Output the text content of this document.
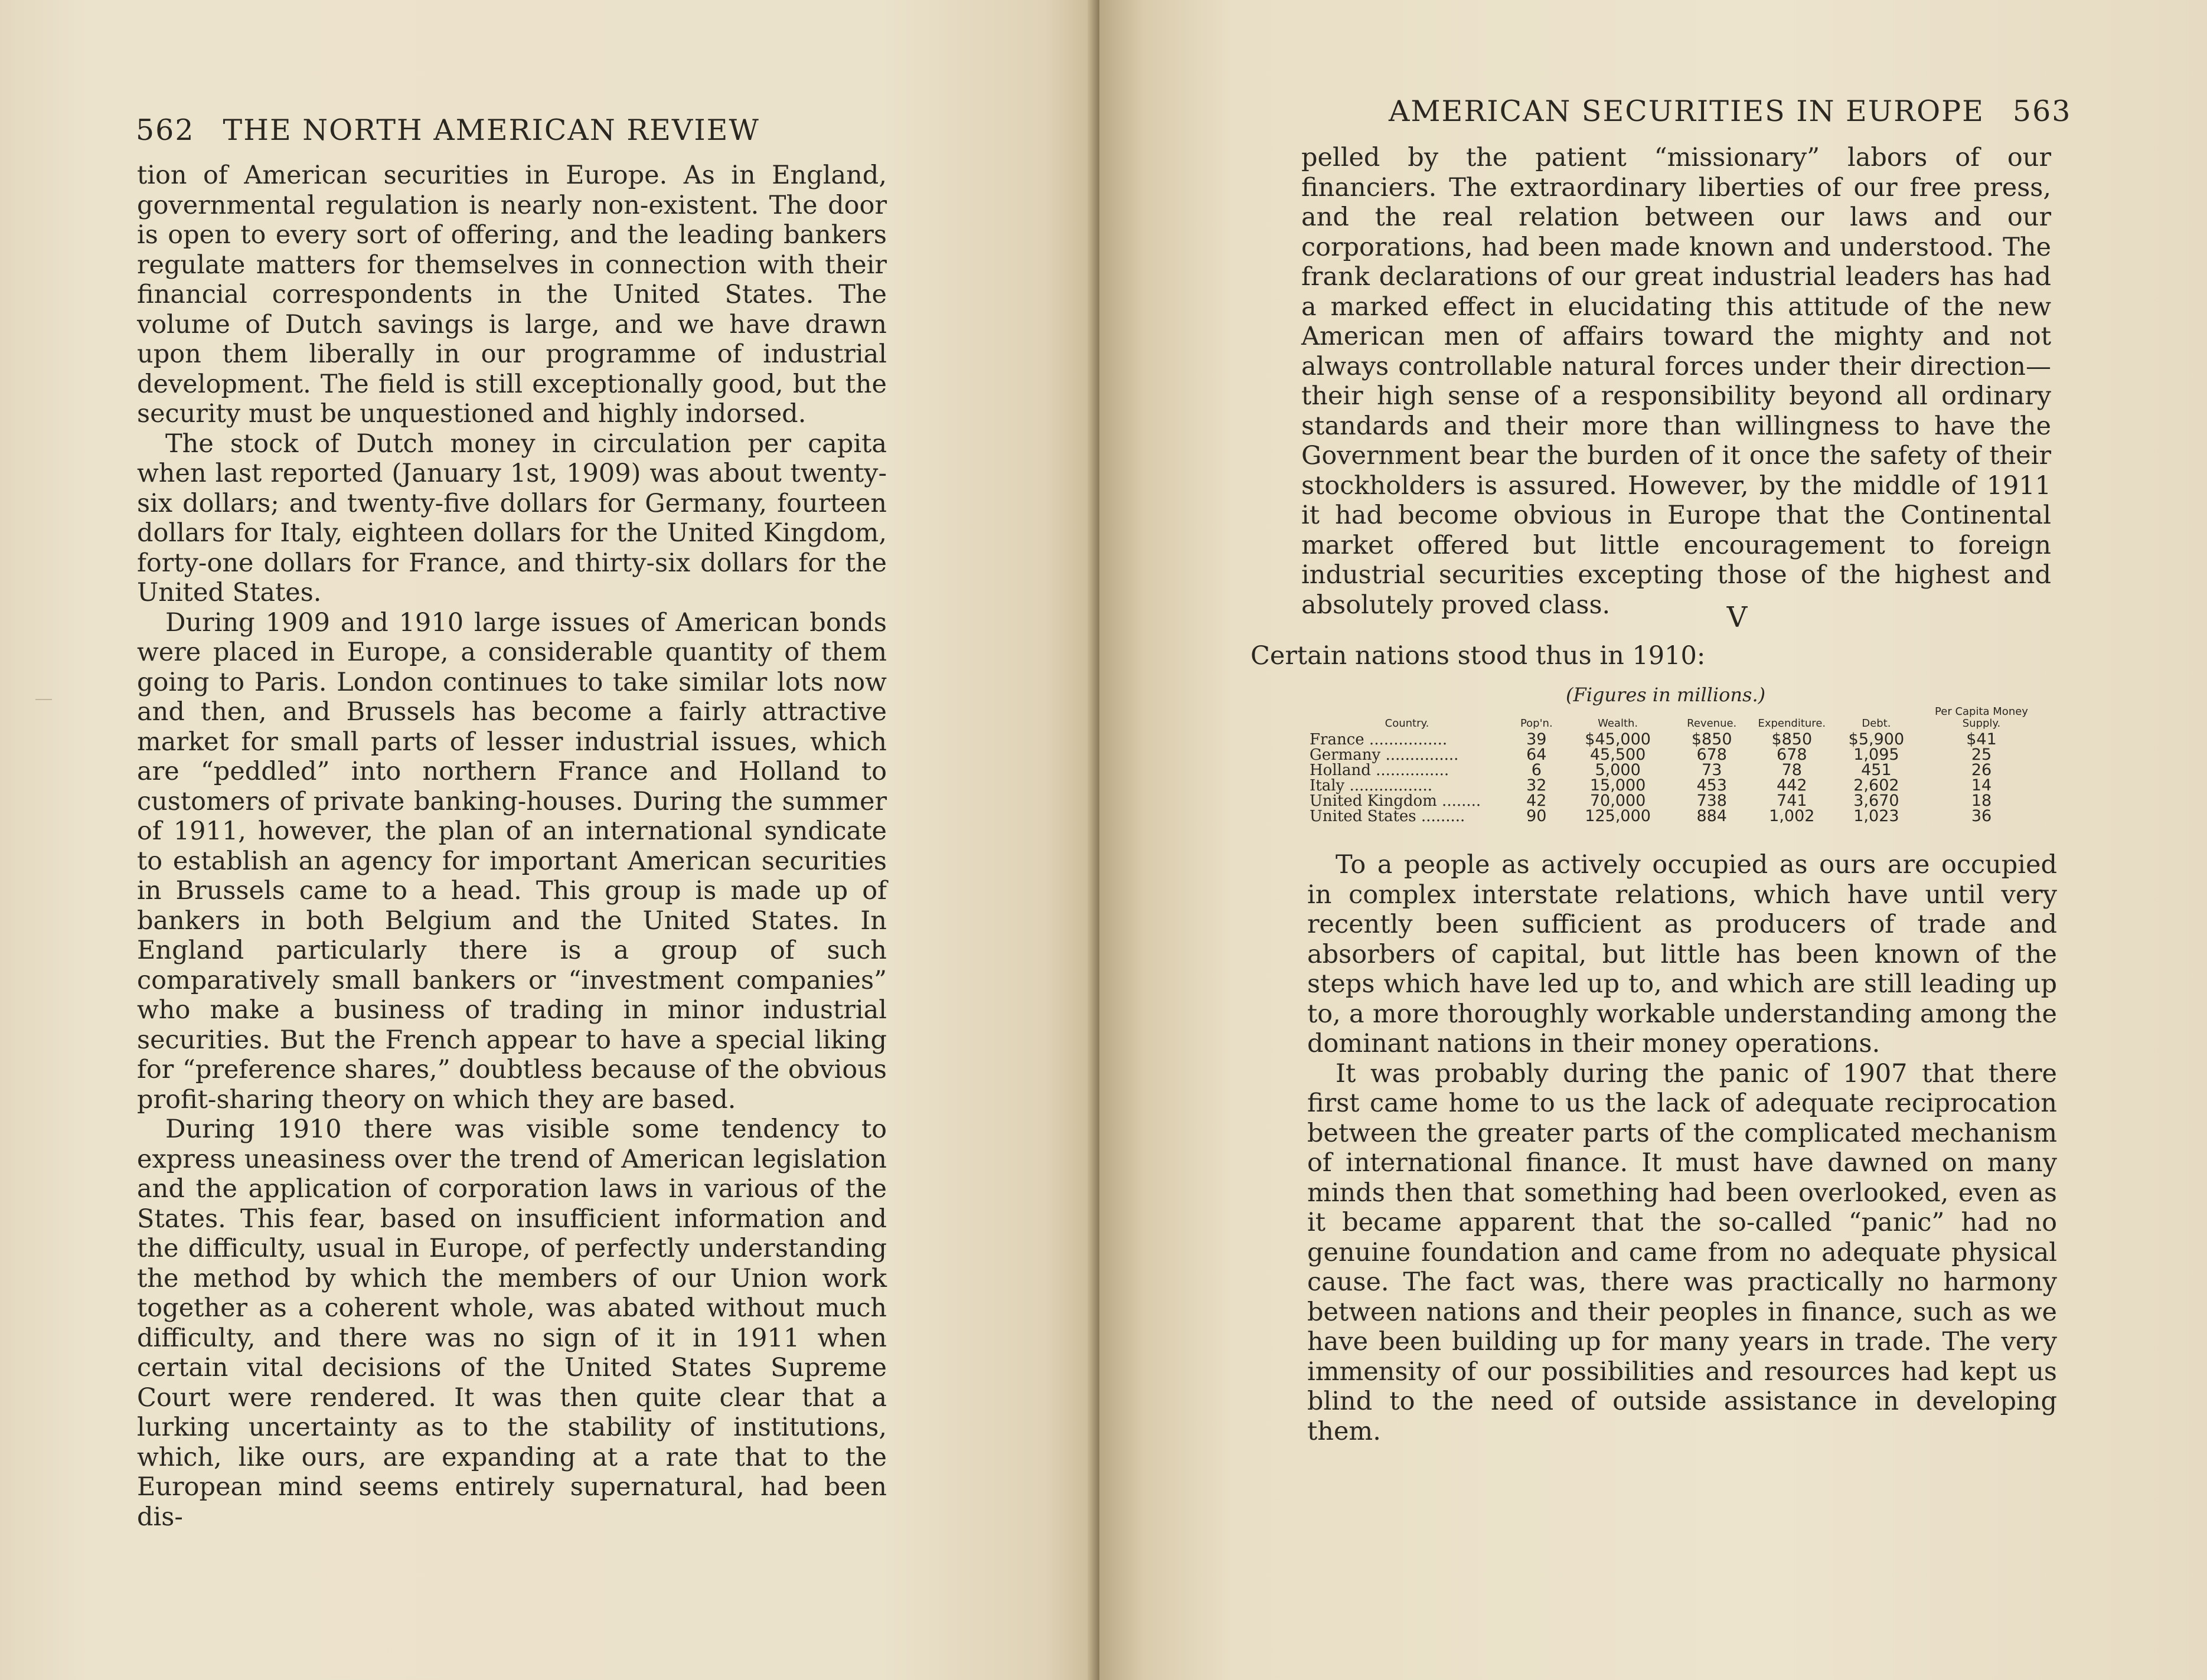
562 THE NORTH AMERICAN REVIEW

tion of American securities in Europe. As in England, governmental regulation is nearly non-existent. The door is open to every sort of offering, and the leading bankers regulate matters for themselves in connection with their financial correspondents in the United States. The volume of Dutch savings is large, and we have drawn upon them liberally in our programme of industrial development. The field is still exceptionally good, but the security must be unquestioned and highly indorsed.

The stock of Dutch money in circulation per capita when last reported (January 1st, 1909) was about twenty-six dollars; and twenty-five dollars for Germany, fourteen dollars for Italy, eighteen dollars for the United Kingdom, forty-one dollars for France, and thirty-six dollars for the United States.

During 1909 and 1910 large issues of American bonds were placed in Europe, a considerable quantity of them going to Paris. London continues to take similar lots now and then, and Brussels has become a fairly attractive market for small parts of lesser industrial issues, which are “peddled” into northern France and Holland to customers of private banking-houses. During the summer of 1911, however, the plan of an international syndicate to establish an agency for important American securities in Brussels came to a head. This group is made up of bankers in both Belgium and the United States. In England particularly there is a group of such comparatively small bankers or “investment companies” who make a business of trading in minor industrial securities. But the French appear to have a special liking for “preference shares,” doubtless because of the obvious profit-sharing theory on which they are based.

During 1910 there was visible some tendency to express uneasiness over the trend of American legislation and the application of corporation laws in various of the States. This fear, based on insufficient information and the difficulty, usual in Europe, of perfectly understanding the method by which the members of our Union work together as a coherent whole, was abated without much difficulty, and there was no sign of it in 1911 when certain vital decisions of the United States Supreme Court were rendered. It was then quite clear that a lurking uncertainty as to the stability of institutions, which, like ours, are expanding at a rate that to the European mind seems entirely supernatural, had been dis-

AMERICAN SECURITIES IN EUROPE 563

pelled by the patient “missionary” labors of our financiers. The extraordinary liberties of our free press, and the real relation between our laws and our corporations, had been made known and understood. The frank declarations of our great industrial leaders has had a marked effect in elucidating this attitude of the new American men of affairs toward the mighty and not always controllable natural forces under their direction—their high sense of a responsibility beyond all ordinary standards and their more than willingness to have the Government bear the burden of it once the safety of their stockholders is assured. However, by the middle of 1911 it had become obvious in Europe that the Continental market offered but little encouragement to foreign industrial securities excepting those of the highest and absolutely proved class.	V
Certain nations stood thus in 1910:
(Figures in millions.)
Country.	Pop'n.	Wealth.	Revenue.	Expenditure.	Debt.	Per Capita Money Supply.
France ................	39	$45,000	$850	$850	$5,900	$41
Germany ...............	64	45,500	678	678	1,095	25
Holland ...............	6	5,000	73	78	451	26
Italy .................	32	15,000	453	442	2,602	14
United Kingdom ........	42	70,000	738	741	3,670	18
United States .........	90	125,000	884	1,002	1,023	36

To a people as actively occupied as ours are occupied in complex interstate relations, which have until very recently been sufficient as producers of trade and absorbers of capital, but little has been known of the steps which have led up to, and which are still leading up to, a more thoroughly workable understanding among the dominant nations in their money operations.

It was probably during the panic of 1907 that there first came home to us the lack of adequate reciprocation between the greater parts of the complicated mechanism of international finance. It must have dawned on many minds then that something had been overlooked, even as it became apparent that the so-called “panic” had no genuine foundation and came from no adequate physical cause. The fact was, there was practically no harmony between nations and their peoples in finance, such as we have been building up for many years in trade. The very immensity of our possibilities and resources had kept us blind to the need of outside assistance in developing them.
